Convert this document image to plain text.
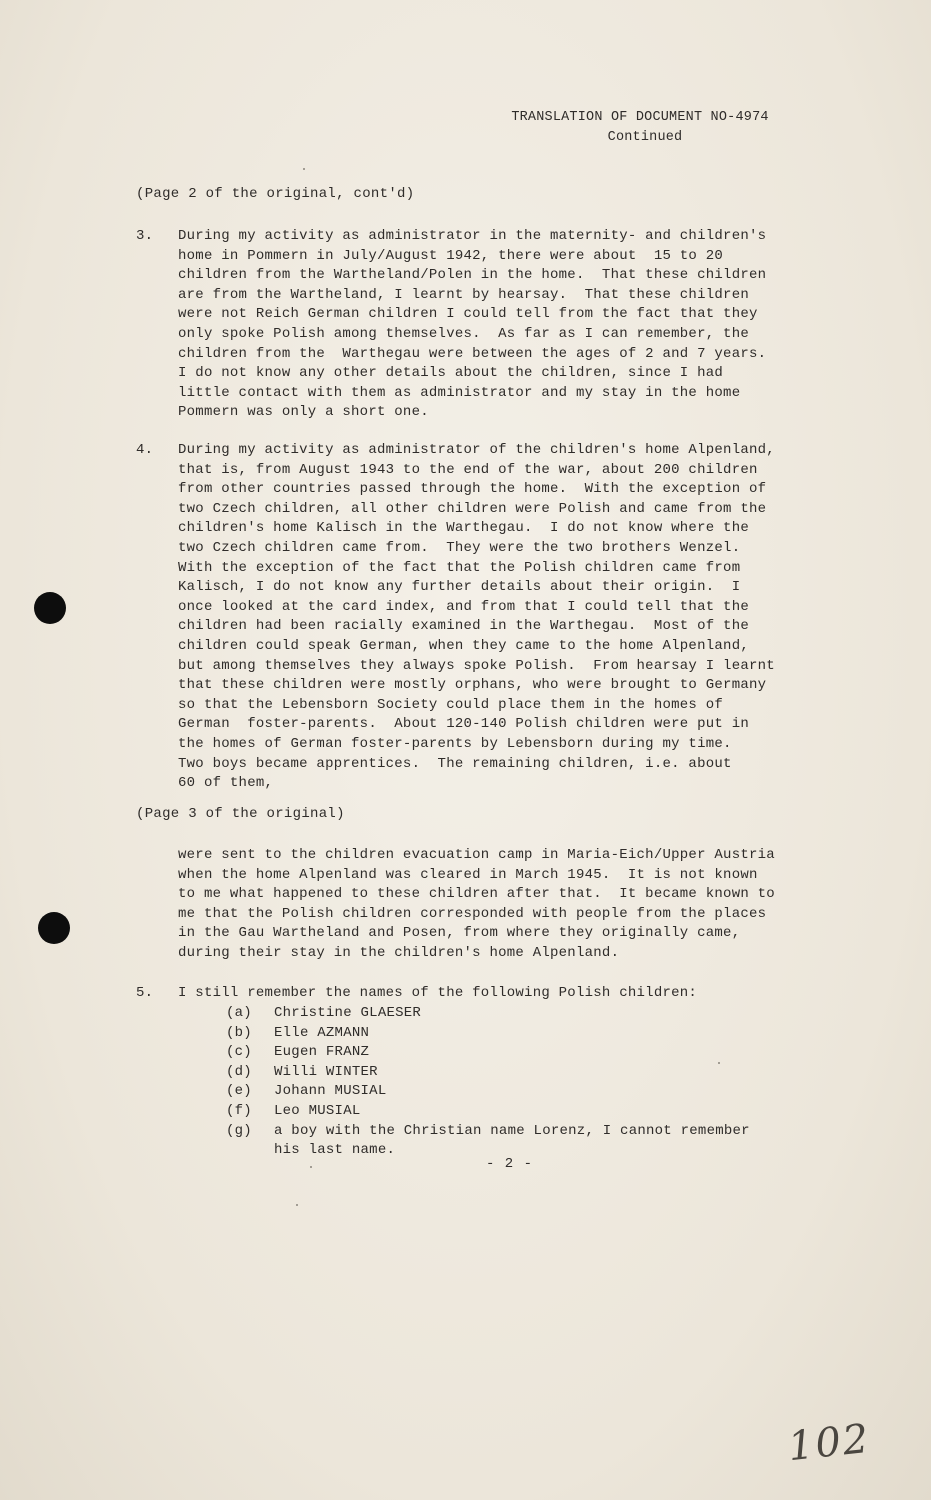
TRANSLATION OF DOCUMENT NO-4974
Continued
(Page 2 of the original, cont'd)
3.	During my activity as administrator in the maternity- and children's
home in Pommern in July/August 1942, there were about  15 to 20
children from the Wartheland/Polen in the home.  That these children
are from the Wartheland, I learnt by hearsay.  That these children
were not Reich German children I could tell from the fact that they
only spoke Polish among themselves.  As far as I can remember, the
children from the  Warthegau were between the ages of 2 and 7 years.
I do not know any other details about the children, since I had
little contact with them as administrator and my stay in the home
Pommern was only a short one.
4.	During my activity as administrator of the children's home Alpenland,
that is, from August 1943 to the end of the war, about 200 children
from other countries passed through the home.  With the exception of
two Czech children, all other children were Polish and came from the
children's home Kalisch in the Warthegau.  I do not know where the
two Czech children came from.  They were the two brothers Wenzel.
With the exception of the fact that the Polish children came from
Kalisch, I do not know any further details about their origin.  I
once looked at the card index, and from that I could tell that the
children had been racially examined in the Warthegau.  Most of the
children could speak German, when they came to the home Alpenland,
but among themselves they always spoke Polish.  From hearsay I learnt
that these children were mostly orphans, who were brought to Germany
so that the Lebensborn Society could place them in the homes of
German  foster-parents.  About 120-140 Polish children were put in
the homes of German foster-parents by Lebensborn during my time.
Two boys became apprentices.  The remaining children, i.e. about
60 of them,
(Page 3 of the original)
were sent to the children evacuation camp in Maria-Eich/Upper Austria
when the home Alpenland was cleared in March 1945.  It is not known
to me what happened to these children after that.  It became known to
me that the Polish children corresponded with people from the places
in the Gau Wartheland and Posen, from where they originally came,
during their stay in the children's home Alpenland.
5.	I still remember the names of the following Polish children:
(a)	Christine GLAESER
(b)	Elle AZMANN
(c)	Eugen FRANZ
(d)	Willi WINTER
(e)	Johann MUSIAL
(f)	Leo MUSIAL
(g)	a boy with the Christian name Lorenz, I cannot remember
his last name.
- 2 -
102
